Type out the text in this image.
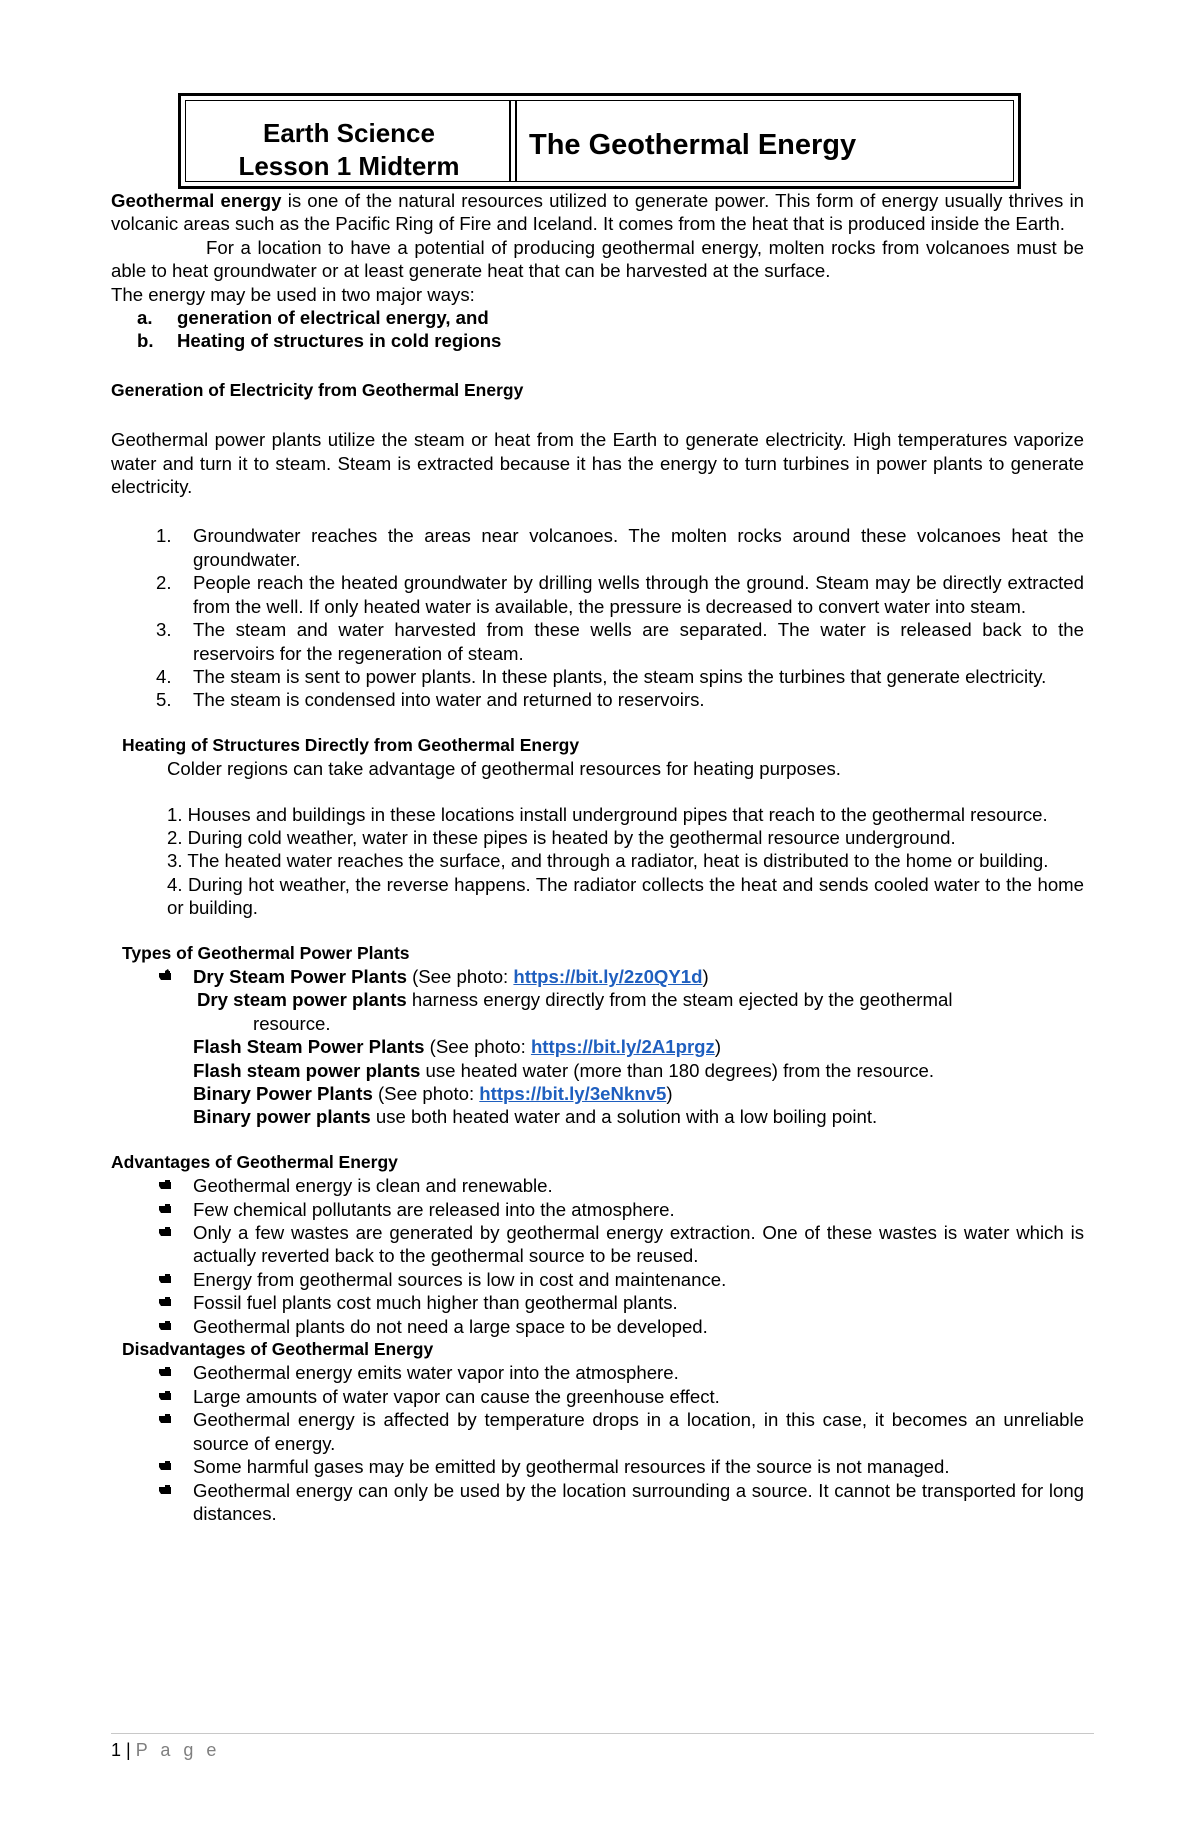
Earth Science
Lesson 1 Midterm
The Geothermal Energy

Geothermal energy is one of the natural resources utilized to generate power. This form of energy usually thrives in volcanic areas such as the Pacific Ring of Fire and Iceland. It comes from the heat that is produced inside the Earth.

For a location to have a potential of producing geothermal energy, molten rocks from volcanoes must be able to heat groundwater or at least generate heat that can be harvested at the surface.

The energy may be used in two major ways:

a. generation of electrical energy, and
b. Heating of structures in cold regions

Generation of Electricity from Geothermal Energy

Geothermal power plants utilize the steam or heat from the Earth to generate electricity. High temperatures vaporize water and turn it to steam. Steam is extracted because it has the energy to turn turbines in power plants to generate electricity.

1. Groundwater reaches the areas near volcanoes. The molten rocks around these volcanoes heat the groundwater.
2. People reach the heated groundwater by drilling wells through the ground. Steam may be directly extracted from the well. If only heated water is available, the pressure is decreased to convert water into steam.
3. The steam and water harvested from these wells are separated. The water is released back to the reservoirs for the regeneration of steam.
4. The steam is sent to power plants. In these plants, the steam spins the turbines that generate electricity.
5. The steam is condensed into water and returned to reservoirs.

Heating of Structures Directly from Geothermal Energy

Colder regions can take advantage of geothermal resources for heating purposes.

1. Houses and buildings in these locations install underground pipes that reach to the geothermal resource.

2. During cold weather, water in these pipes is heated by the geothermal resource underground.

3. The heated water reaches the surface, and through a radiator, heat is distributed to the home or building.

4. During hot weather, the reverse happens. The radiator collects the heat and sends cooled water to the home or building.

Types of Geothermal Power Plants

Dry Steam Power Plants (See photo: https://bit.ly/2z0QY1d)

Dry steam power plants harness energy directly from the steam ejected by the geothermal

resource.

Flash Steam Power Plants (See photo: https://bit.ly/2A1prgz)

Flash steam power plants use heated water (more than 180 degrees) from the resource.

Binary Power Plants (See photo: https://bit.ly/3eNknv5)

Binary power plants use both heated water and a solution with a low boiling point.

Advantages of Geothermal Energy

Geothermal energy is clean and renewable.
Few chemical pollutants are released into the atmosphere.
Only a few wastes are generated by geothermal energy extraction. One of these wastes is water which is actually reverted back to the geothermal source to be reused.
Energy from geothermal sources is low in cost and maintenance.
Fossil fuel plants cost much higher than geothermal plants.
Geothermal plants do not need a large space to be developed.

Disadvantages of Geothermal Energy

Geothermal energy emits water vapor into the atmosphere.
Large amounts of water vapor can cause the greenhouse effect.
Geothermal energy is affected by temperature drops in a location, in this case, it becomes an unreliable source of energy.
Some harmful gases may be emitted by geothermal resources if the source is not managed.
Geothermal energy can only be used by the location surrounding a source. It cannot be transported for long distances.
1 | P a g e
